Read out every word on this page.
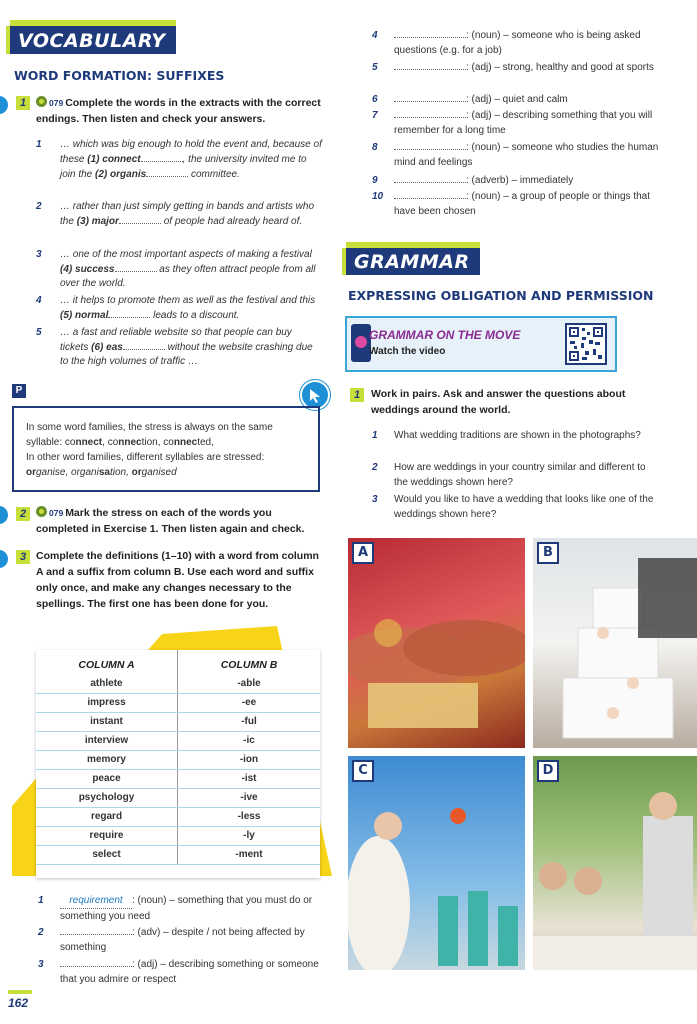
VOCABULARY
WORD FORMATION: SUFFIXES
1	079 Complete the words in the extracts with the correct endings. Then listen and check your answers.
1 … which was big enough to hold the event and, because of these (1) connect	, the university invited me to join the (2) organis	committee.
2 … rather than just simply getting in bands and artists who the (3) major	of people had already heard of.
3 … one of the most important aspects of making a festival (4) success	as they often attract people from all over the world.
4 … it helps to promote them as well as the festival and this (5) normal	leads to a discount.
5 … a fast and reliable website so that people can buy tickets (6) eas	without the website crashing due to the high volumes of traffic …
P
In some word families, the stress is always on the same syllable: connect, connection, connected,
In other word families, different syllables are stressed:
organise, organisation, organised
2	079 Mark the stress on each of the words you completed in Exercise 1. Then listen again and check.
3 Complete the definitions (1–10) with a word from column A and a suffix from column B. Use each word and suffix only once, and make any changes necessary to the spellings. The first one has been done for you.
COLUMN A	COLUMN B
athlete	-able
impress	-ee
instant	-ful
interview	-ic
memory	-ion
peace	-ist
psychology	-ive
regard	-less
require	-ly
select	-ment
1	requirement : (noun) – something that you must do or something you need
2	: (adv) – despite / not being affected by something
3	: (adj) – describing something or someone that you admire or respect
162
4	: (noun) – someone who is being asked questions (e.g. for a job)
5	: (adj) – strong, healthy and good at sports
6	: (adj) – quiet and calm
7	: (adj) – describing something that you will remember for a long time
8	: (noun) – someone who studies the human mind and feelings
9	: (adverb) – immediately
10	: (noun) – a group of people or things that have been chosen
GRAMMAR
EXPRESSING OBLIGATION AND PERMISSION
GRAMMAR ON THE MOVE
Watch the video
1	Work in pairs. Ask and answer the questions about weddings around the world.
1 What wedding traditions are shown in the photographs?
2 How are weddings in your country similar and different to the weddings shown here?
3 Would you like to have a wedding that looks like one of the weddings shown here?
A	B
C	D
